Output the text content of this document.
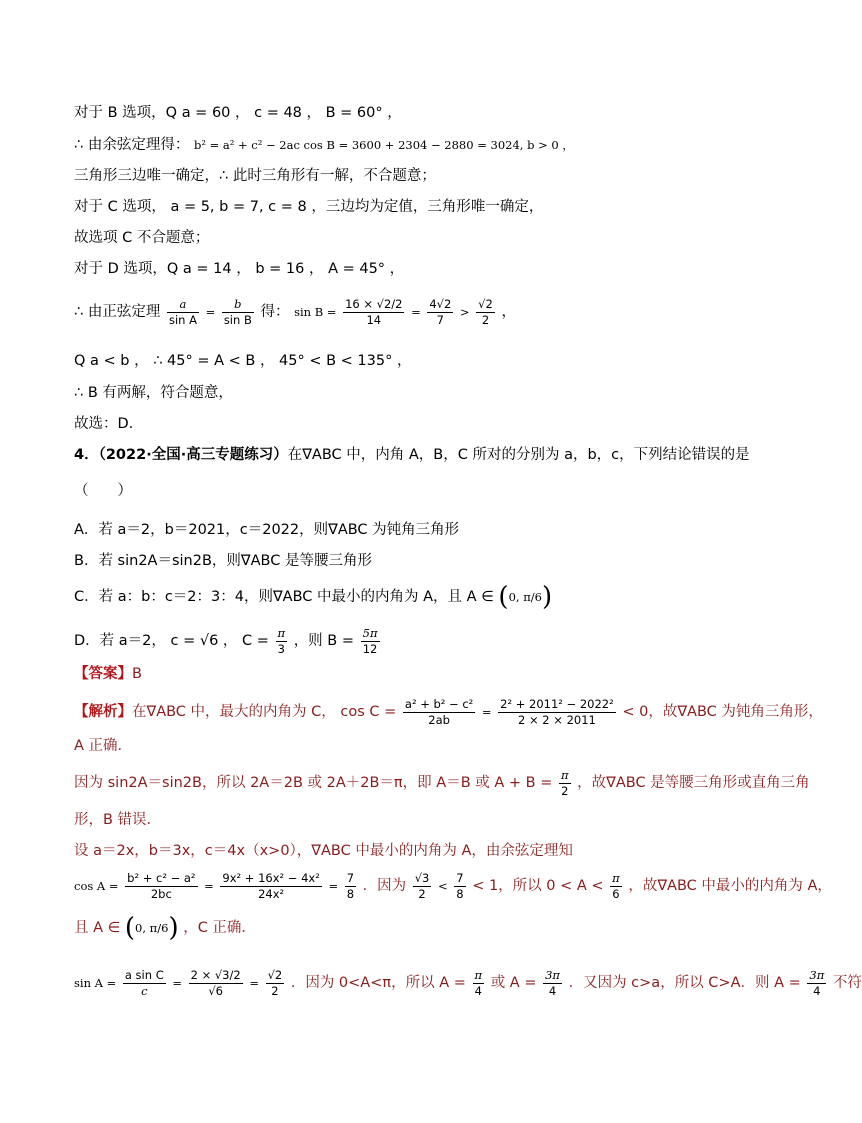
对于 B 选项，Q a = 60 ， c = 48 ， B = 60° ，
∴ 由余弦定理得： b² = a² + c² − 2ac cos B = 3600 + 2304 − 2880 = 3024, b > 0 ，
三角形三边唯一确定，∴ 此时三角形有一解，不合题意；
对于 C 选项， a = 5, b = 7, c = 8 ，三边均为定值，三角形唯一确定，
故选项 C 不合题意；
对于 D 选项，Q a = 14 ， b = 16 ， A = 45° ，
∴ 由正弦定理 $\frac{a}{\text{sin A}} = \frac{b}{\text{sin B}}$ 得： $\sin B = \frac{16 \times √2/2}{14} = \frac{4√2}{7} > \frac{√2}{2}$ ，
Q a < b ， ∴ 45° = A < B ， 45° < B < 135° ，
∴ B 有两解，符合题意，
故选：D.
4．（2022·全国·高三专题练习）在∇ABC 中，内角 A，B，C 所对的分别为 a，b，c，下列结论错误的是
（　　）
A．若 a＝2，b＝2021，c＝2022，则∇ABC 为钝角三角形
B．若 sin2A＝sin2B，则∇ABC 是等腰三角形
C．若 a：b：c＝2：3：4，则∇ABC 中最小的内角为 A，且 A ∈ (0, π/6)
D．若 a＝2， c = √6 ， $C = \frac{\pi}{3}$ ，则 $B = \frac{5\pi}{12}$
【答案】B
【解析】在∇ABC 中，最大的内角为 C， $\cos C = \frac{\text{a² + b² − c²}}{2ab} = \frac{\text{2² + 2011² − 2022²}}{2 \times 2 \times 2011} < 0$，故∇ABC 为钝角三角形，
A 正确．
因为 sin2A＝sin2B，所以 2A＝2B 或 2A＋2B＝π，即 A＝B 或 $A + B = \frac{\pi}{2}$ ，故∇ABC 是等腰三角形或直角三角
形，B 错误．
设 a＝2x，b＝3x，c＝4x（x>0），∇ABC 中最小的内角为 A，由余弦定理知
$\cos A = \frac{\text{b² + c² − a²}}{2bc} = \frac{\text{9x² + 16x² − 4x²}}{\text{24x²}} = \frac{7}{8}$ ．因为 $\frac{√3}{2} < \frac{7}{8} < 1$，所以 $0 < A < \frac{\pi}{6}$ ，故∇ABC 中最小的内角为 A，
且 A ∈ (0, π/6) ，C 正确．
$\sin A = \frac{\text{a sin C}}{c} = \frac{2 \times √3/2}{√6} = \frac{√2}{2}$ ．因为 0<A<π，所以 $A = \frac{\pi}{4}$ 或 $A = \frac{3\pi}{4}$ ．又因为 c>a，所以 C>A．则 $A = \frac{3\pi}{4}$ 不符
